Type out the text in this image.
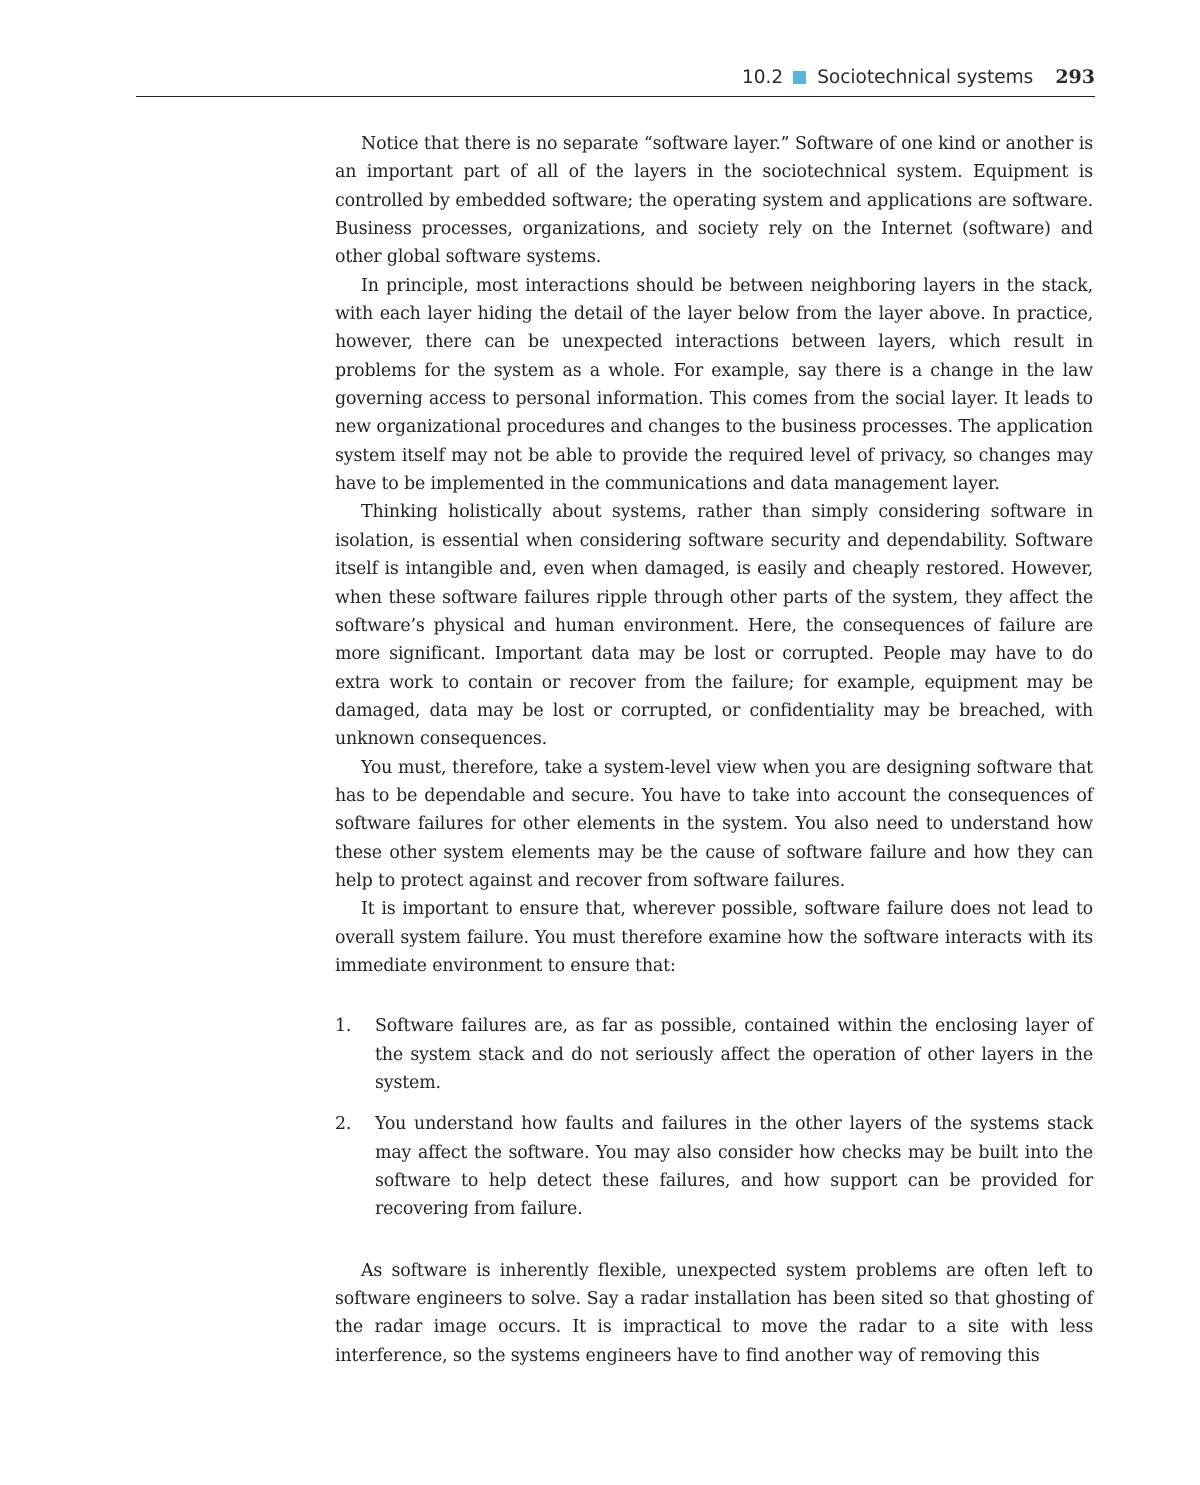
10.2 Sociotechnical systems 293

Notice that there is no separate “software layer.” Software of one kind or another is an important part of all of the layers in the sociotechnical system. Equipment is controlled by embedded software; the operating system and applications are software. Business processes, organizations, and society rely on the Internet (software) and other global software systems.

In principle, most interactions should be between neighboring layers in the stack, with each layer hiding the detail of the layer below from the layer above. In practice, however, there can be unexpected interactions between layers, which result in problems for the system as a whole. For example, say there is a change in the law governing access to personal information. This comes from the social layer. It leads to new organizational procedures and changes to the business processes. The application system itself may not be able to provide the required level of privacy, so changes may have to be implemented in the communications and data management layer.

Thinking holistically about systems, rather than simply considering software in isolation, is essential when considering software security and dependability. Software itself is intangible and, even when damaged, is easily and cheaply restored. However, when these software failures ripple through other parts of the system, they affect the software’s physical and human environment. Here, the consequences of failure are more significant. Important data may be lost or corrupted. People may have to do extra work to contain or recover from the failure; for example, equipment may be damaged, data may be lost or corrupted, or confidentiality may be breached, with unknown consequences.

You must, therefore, take a system-level view when you are designing software that has to be dependable and secure. You have to take into account the consequences of software failures for other elements in the system. You also need to understand how these other system elements may be the cause of software failure and how they can help to protect against and recover from software failures.

It is important to ensure that, wherever possible, software failure does not lead to overall system failure. You must therefore examine how the software interacts with its immediate environment to ensure that:

1. Software failures are, as far as possible, contained within the enclosing layer of the system stack and do not seriously affect the operation of other layers in the system.
2. You understand how faults and failures in the other layers of the systems stack may affect the software. You may also consider how checks may be built into the software to help detect these failures, and how support can be provided for recovering from failure.

As software is inherently flexible, unexpected system problems are often left to software engineers to solve. Say a radar installation has been sited so that ghosting of the radar image occurs. It is impractical to move the radar to a site with less interference, so the systems engineers have to find another way of removing this
